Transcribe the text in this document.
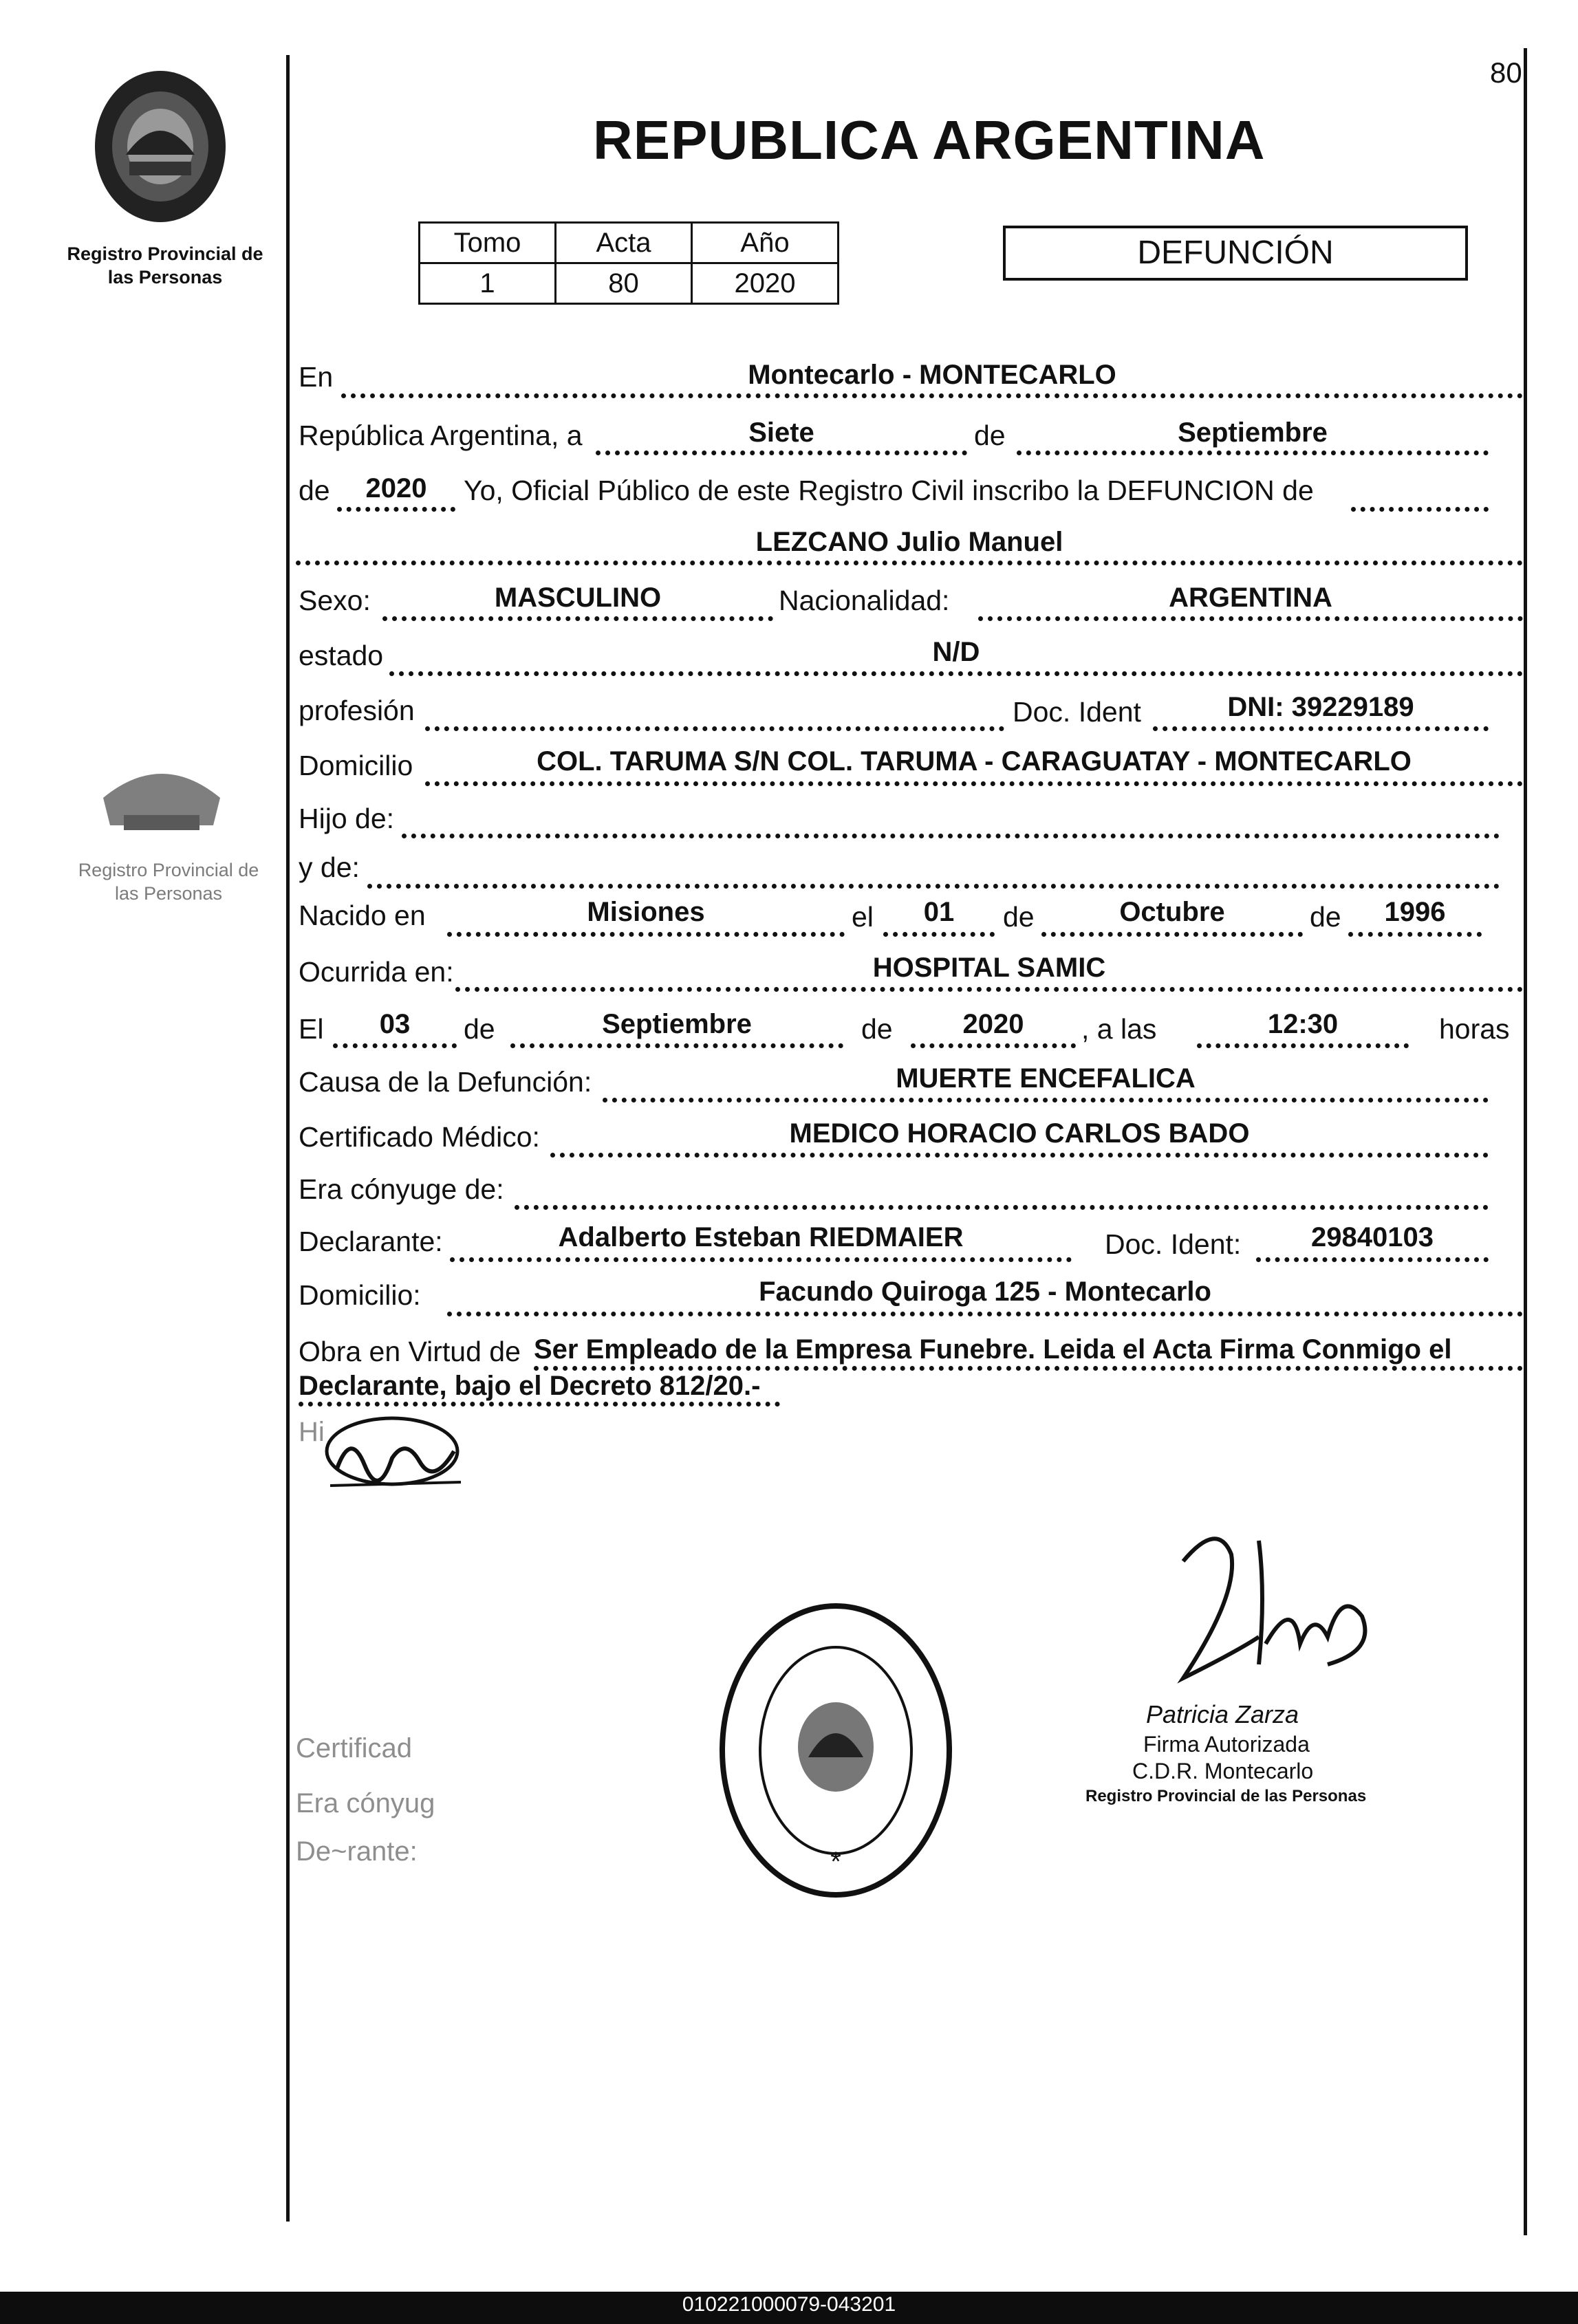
80
REPUBLICA ARGENTINA
Registro Provincial de las Personas
Registro Provincial de las Personas
Tomo	Acta	Año
1	80	2020
DEFUNCIÓN
En	Montecarlo - MONTECARLO
República Argentina, a	Siete	de	Septiembre
de	2020	Yo, Oficial Público de este Registro Civil inscribo la DEFUNCION de
LEZCANO Julio Manuel
Sexo:	MASCULINO	Nacionalidad:	ARGENTINA
estado	N/D
profesión	Doc. Ident	DNI: 39229189
Domicilio	COL. TARUMA S/N COL. TARUMA - CARAGUATAY - MONTECARLO
Hijo de:
y de:
Nacido en	Misiones	el	01	de	Octubre	de	1996
Ocurrida en:	HOSPITAL SAMIC
El	03	de	Septiembre	de	2020	, a las	12:30	horas
Causa de la Defunción:	MUERTE ENCEFALICA
Certificado Médico:	MEDICO HORACIO CARLOS BADO
Era cónyuge de:
Declarante:	Adalberto Esteban RIEDMAIER	Doc. Ident:	29840103
Domicilio:	Facundo Quiroga 125 - Montecarlo
Obra en Virtud de Ser Empleado de la Empresa Funebre. Leida el Acta Firma Conmigo el
Declarante, bajo el Decreto 812/20.-
Hi
Certificad
Era cónyug
De~rante:
Patricia Zarza
Firma Autorizada
C.D.R. Montecarlo
Registro Provincial de las Personas
*
010221000079-043201
